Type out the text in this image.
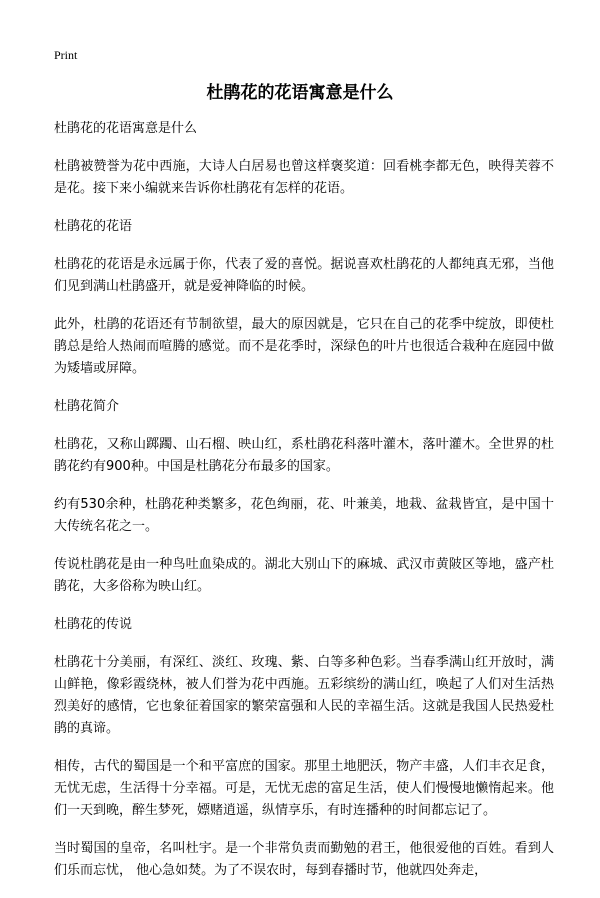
Print
杜鹃花的花语寓意是什么

杜鹃花的花语寓意是什么

杜鹃被赞誉为花中西施，大诗人白居易也曾这样褒奖道：回看桃李都无色，映得芙蓉不是花。接下来小编就来告诉你杜鹃花有怎样的花语。

杜鹃花的花语

杜鹃花的花语是永远属于你，代表了爱的喜悦。据说喜欢杜鹃花的人都纯真无邪，当他们见到满山杜鹃盛开，就是爱神降临的时候。

此外，杜鹃的花语还有节制欲望，最大的原因就是，它只在自己的花季中绽放，即使杜鹃总是给人热闹而喧腾的感觉。而不是花季时，深绿色的叶片也很适合栽种在庭园中做为矮墙或屏障。

杜鹃花简介

杜鹃花，又称山踯躅、山石榴、映山红，系杜鹃花科落叶灌木，落叶灌木。全世界的杜鹃花约有900种。中国是杜鹃花分布最多的国家。

约有530余种，杜鹃花种类繁多，花色绚丽，花、叶兼美，地栽、盆栽皆宜，是中国十大传统名花之一。

传说杜鹃花是由一种鸟吐血染成的。湖北大别山下的麻城、武汉市黄陂区等地，盛产杜鹃花，大多俗称为映山红。

杜鹃花的传说

杜鹃花十分美丽，有深红、淡红、玫瑰、紫、白等多种色彩。当春季满山红开放时，满山鲜艳，像彩霞绕林，被人们誉为花中西施。五彩缤纷的满山红，唤起了人们对生活热烈美好的感情，它也象征着国家的繁荣富强和人民的幸福生活。这就是我国人民热爱杜鹃的真谛。

相传，古代的蜀国是一个和平富庶的国家。那里土地肥沃，物产丰盛，人们丰衣足食，无忧无虑，生活得十分幸福。可是，无忧无虑的富足生活，使人们慢慢地懒惰起来。他们一天到晚，醉生梦死，嫖赌逍遥，纵情享乐，有时连播种的时间都忘记了。

当时蜀国的皇帝，名叫杜宇。是一个非常负责而勤勉的君王，他很爱他的百姓。看到人们乐而忘忧， 他心急如焚。为了不误农时，每到春播时节，他就四处奔走，
